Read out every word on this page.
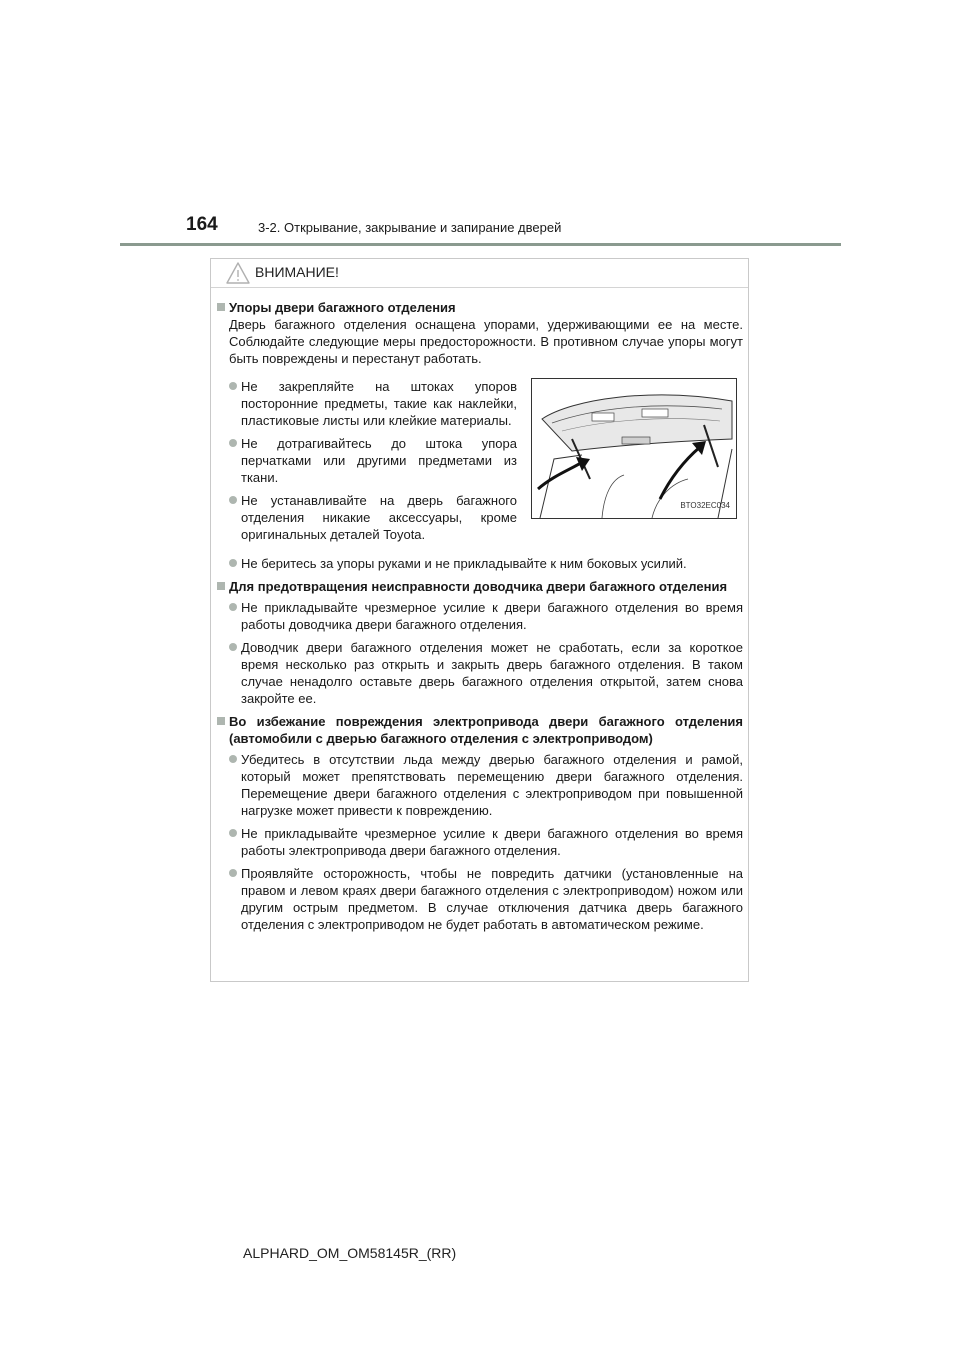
164	3-2. Открывание, закрывание и запирание дверей
ВНИМАНИЕ!
Упоры двери багажного отделения
Дверь багажного отделения оснащена упорами, удерживающими ее на месте. Соблюдайте следующие меры предосторожности. В противном случае упоры могут быть повреждены и перестанут работать.
Не закрепляйте на штоках упоров посторонние предметы, такие как наклейки, пластиковые листы или клейкие материалы.
Не дотрагивайтесь до штока упора перчатками или другими предметами из ткани.
Не устанавливайте на дверь багажного отделения никакие аксессуары, кроме оригинальных деталей Toyota.
BTO32EC034
Не беритесь за упоры руками и не прикладывайте к ним боковых усилий.
Для предотвращения неисправности доводчика двери багажного отделения
Не прикладывайте чрезмерное усилие к двери багажного отделения во время работы доводчика двери багажного отделения.
Доводчик двери багажного отделения может не сработать, если за короткое время несколько раз открыть и закрыть дверь багажного отделения. В таком случае ненадолго оставьте дверь багажного отделения открытой, затем снова закройте ее.
Во избежание повреждения электропривода двери багажного отделения (автомобили с дверью багажного отделения с электроприводом)
Убедитесь в отсутствии льда между дверью багажного отделения и рамой, который может препятствовать перемещению двери багажного отделения. Перемещение двери багажного отделения с электроприводом при повышенной нагрузке может привести к повреждению.
Не прикладывайте чрезмерное усилие к двери багажного отделения во время работы электропривода двери багажного отделения.
Проявляйте осторожность, чтобы не повредить датчики (установленные на правом и левом краях двери багажного отделения с электроприводом) ножом или другим острым предметом. В случае отключения датчика дверь багажного отделения с электроприводом не будет работать в автоматическом режиме.
ALPHARD_OM_OM58145R_(RR)
